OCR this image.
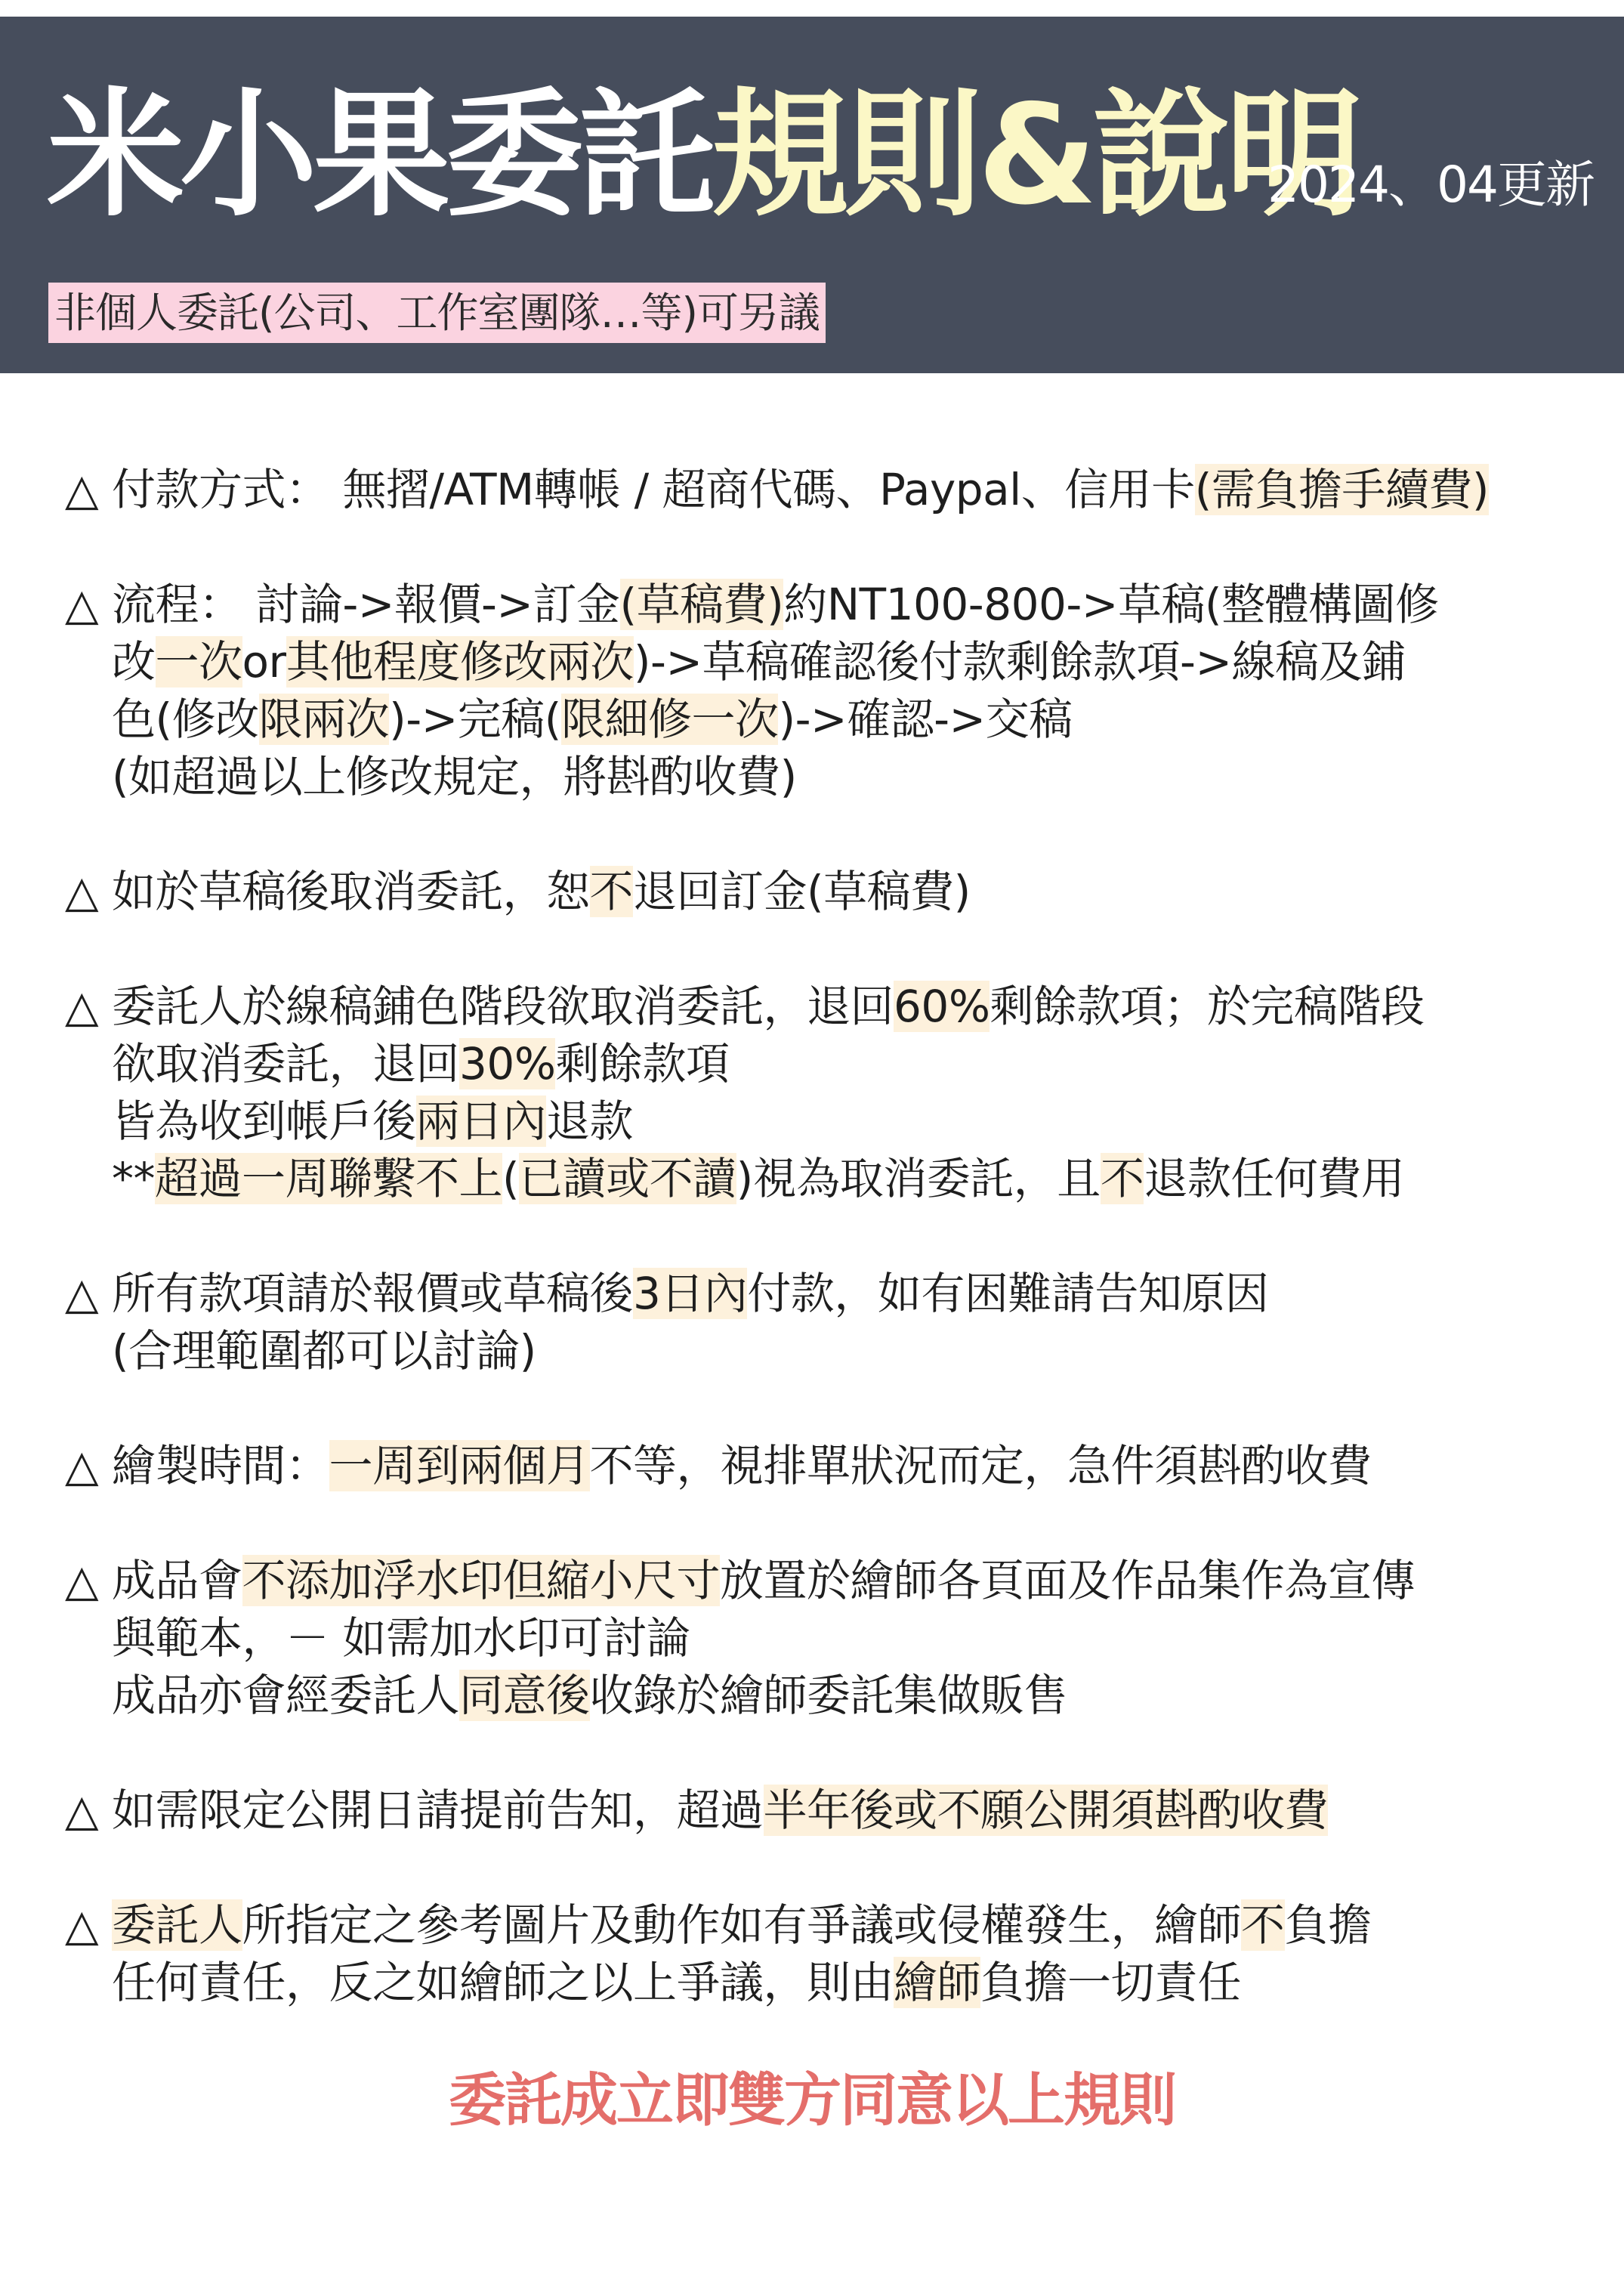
米小果委託規則&說明
2024、04更新
非個人委託(公司、工作室團隊…等)可另議
△ 付款方式： 無摺/ATM轉帳 / 超商代碼、Paypal、信用卡(需負擔手續費)
△ 流程： 討論->報價->訂金(草稿費)約NT100-800->草稿(整體構圖修
改一次or其他程度修改兩次)->草稿確認後付款剩餘款項->線稿及鋪
色(修改限兩次)->完稿(限細修一次)->確認->交稿
(如超過以上修改規定，將斟酌收費)
△ 如於草稿後取消委託，恕不退回訂金(草稿費)
△ 委託人於線稿鋪色階段欲取消委託，退回60%剩餘款項；於完稿階段
欲取消委託，退回30%剩餘款項
皆為收到帳戶後兩日內退款
**超過一周聯繫不上(已讀或不讀)視為取消委託，且不退款任何費用
△ 所有款項請於報價或草稿後3日內付款，如有困難請告知原因
(合理範圍都可以討論)
△ 繪製時間：一周到兩個月不等，視排單狀況而定，急件須斟酌收費
△ 成品會不添加浮水印但縮小尺寸放置於繪師各頁面及作品集作為宣傳
與範本，－ 如需加水印可討論
成品亦會經委託人同意後收錄於繪師委託集做販售
△ 如需限定公開日請提前告知，超過半年後或不願公開須斟酌收費
△ 委託人所指定之參考圖片及動作如有爭議或侵權發生，繪師不負擔
任何責任，反之如繪師之以上爭議，則由繪師負擔一切責任
委託成立即雙方同意以上規則
